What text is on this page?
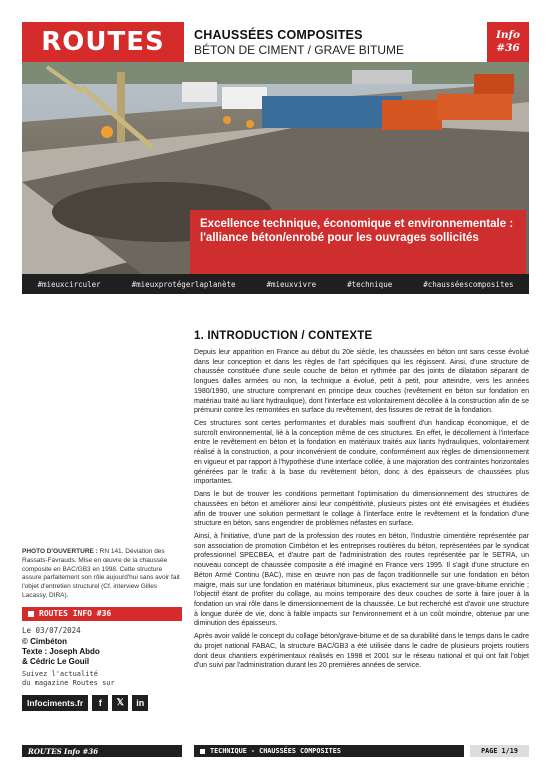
ROUTES	CHAUSSÉES COMPOSITES
BÉTON DE CIMENT / GRAVE BITUME
Info
#36
Excellence technique, économique et environnementale : l'alliance béton/enrobé pour les ouvrages sollicités
#mieuxcirculer	#mieuxprotégerlaplanète	#mieuxvivre	#technique	#chausséescomposites
1. INTRODUCTION / CONTEXTE

Depuis leur apparition en France au début du 20e siècle, les chaussées en béton ont sans cesse évolué dans leur conception et dans les règles de l'art spécifiques qui les régissent. Ainsi, d'une structure de chaussée constituée d'une seule couche de béton et rythmée par des joints de dilatation séparant de longues dalles armées ou non, la technique a évolué, petit à petit, pour atteindre, vers les années 1980/1990, une structure comprenant en principe deux couches (revêtement en béton sur fondation en matériau traité au liant hydraulique), dont l'interface est volontairement décollée à la construction afin de se prémunir contre les remontées en surface du revêtement, des fissures de retrait de la fondation.

Ces structures sont certes performantes et durables mais souffrent d'un handicap économique, et de surcroît environnemental, lié à la conception même de ces structures. En effet, le décollement à l'interface entre le revêtement en béton et la fondation en matériaux traités aux liants hydrauliques, volontairement réalisé à la construction, a pour inconvénient de conduire, conformément aux règles de dimensionnement en vigueur et par rapport à l'hypothèse d'une interface collée, à une majoration des contraintes horizontales générées par le trafic à la base du revêtement béton, donc à des épaisseurs de chaussées plus importantes.

Dans le but de trouver les conditions permettant l'optimisation du dimensionnement des structures de chaussées en béton et améliorer ainsi leur compétitivité, plusieurs pistes ont été envisagées et étudiées afin de trouver une solution permettant le collage à l'interface entre le revêtement et la fondation d'une structure en béton, sans engendrer de problèmes néfastes en surface.

Ainsi, à l'initiative, d'une part de la profession des routes en béton, l'industrie cimentière représentée par son association de promotion Cimbéton et les entreprises routières du béton, représentées par le syndicat professionnel SPECBEA, et d'autre part de l'administration des routes représentée par le SETRA, un nouveau concept de chaussée composite a été imaginé en France vers 1995. Il s'agit d'une structure en Béton Armé Continu (BAC), mise en œuvre non pas de façon traditionnelle sur une fondation en béton maigre, mais sur une fondation en matériaux bitumineux, plus exactement sur une grave-bitume enrichie ; l'objectif étant de profiter du collage, au moins temporaire des deux couches de sorte à faire jouer à la fondation un vrai rôle dans le dimensionnement de la chaussée. Le but recherché est d'avoir une structure à longue durée de vie, donc à faible impacts sur l'environnement et à un coût moindre, obtenue par une diminution des épaisseurs.

Après avoir validé le concept du collage béton/grave-bitume et de sa durabilité dans le temps dans le cadre du projet national FABAC, la structure BAC/GB3 a été utilisée dans le cadre de plusieurs projets routiers dont deux chantiers expérimentaux réalisés en 1998 et 2001 sur le réseau national et qui ont fait l'objet d'un suivi par l'administration durant les 20 premières années de service.

PHOTO D'OUVERTURE : RN 141. Déviation des Rassats-Favrauds. Mise en œuvre de la chaussée composite en BAC/GB3 en 1998. Cette structure assure parfaitement son rôle aujourd'hui sans avoir fait l'objet d'entretien structurel (Cf. interview Gilles Lacassy, DIRA).
ROUTES INFO #36
Le 03/07/2024
© Cimbéton
Texte : Joseph Abdo
& Cédric Le Gouil
Suivez l'actualité
du magazine Routes sur
Infociments.fr	f	𝕏	in
ROUTES Info #36	TECHNIQUE - CHAUSSÉES COMPOSITES	PAGE 1/19
